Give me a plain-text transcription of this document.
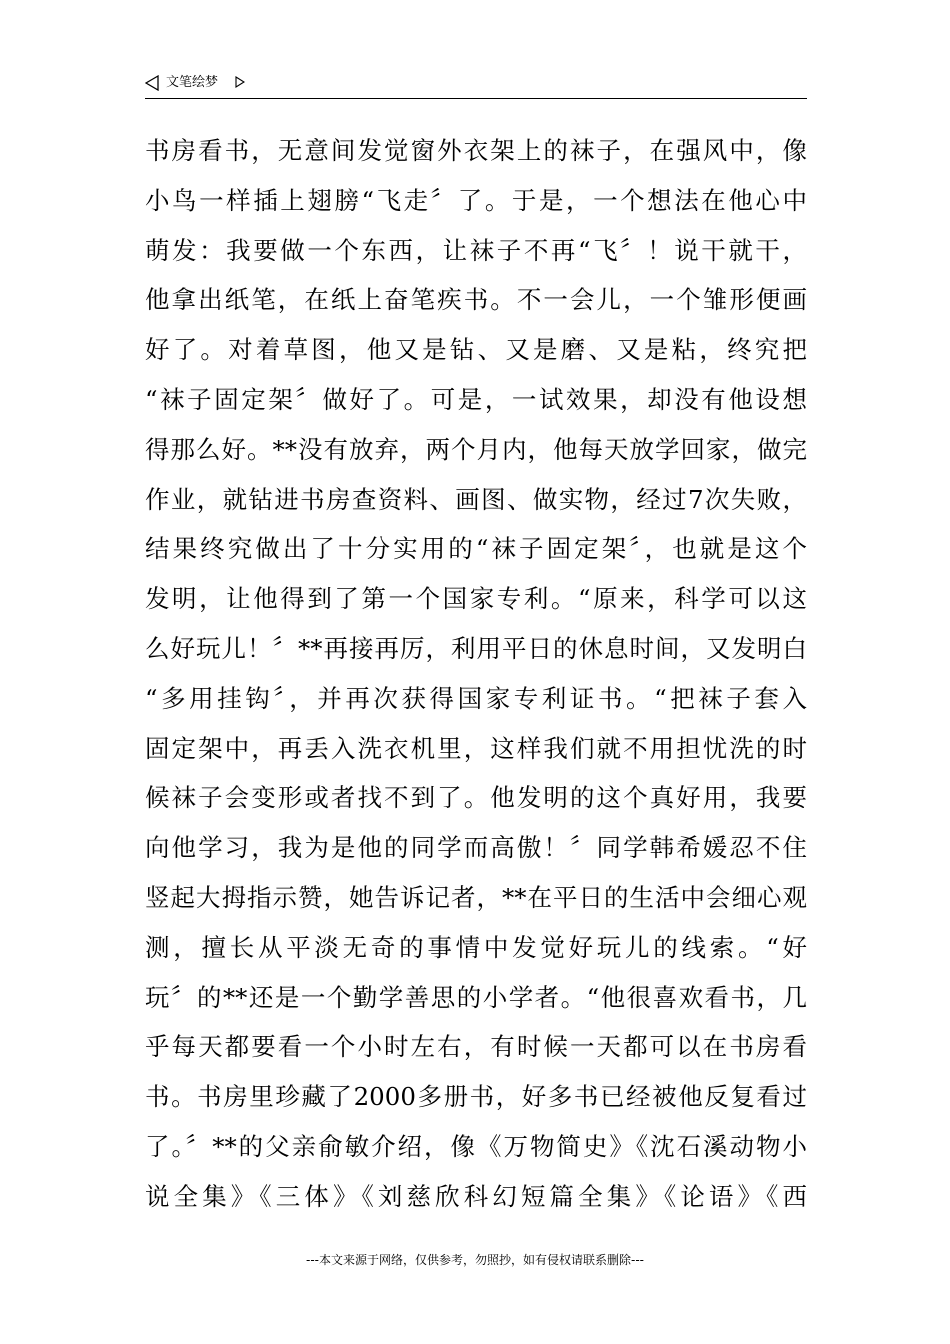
文笔绘梦
书房看书，无意间发觉窗外衣架上的袜子，在强风中，像
小鸟一样插上翅膀“飞走〞了。于是，一个想法在他心中
萌发：我要做一个东西，让袜子不再“飞〞！说干就干，
他拿出纸笔，在纸上奋笔疾书。不一会儿，一个雏形便画
好了。对着草图，他又是钻、又是磨、又是粘，终究把
“袜子固定架〞做好了。可是，一试效果，却没有他设想
得那么好。**没有放弃，两个月内，他每天放学回家，做完
作业，就钻进书房查资料、画图、做实物，经过7次失败，
结果终究做出了十分实用的“袜子固定架〞，也就是这个
发明，让他得到了第一个国家专利。“原来，科学可以这
么好玩儿！〞**再接再厉，利用平日的休息时间，又发明白
“多用挂钩〞，并再次获得国家专利证书。“把袜子套入
固定架中，再丢入洗衣机里，这样我们就不用担忧洗的时
候袜子会变形或者找不到了。他发明的这个真好用，我要
向他学习，我为是他的同学而高傲！〞同学韩希媛忍不住
竖起大拇指示赞，她告诉记者，**在平日的生活中会细心观
测，擅长从平淡无奇的事情中发觉好玩儿的线索。“好
玩〞的**还是一个勤学善思的小学者。“他很喜欢看书，几
乎每天都要看一个小时左右，有时候一天都可以在书房看
书。书房里珍藏了2000多册书，好多书已经被他反复看过
了。〞**的父亲俞敏介绍，像《万物简史》《沈石溪动物小
说全集》《三体》《刘慈欣科幻短篇全集》《论语》《西
---本文来源于网络，仅供参考，勿照抄，如有侵权请联系删除---
